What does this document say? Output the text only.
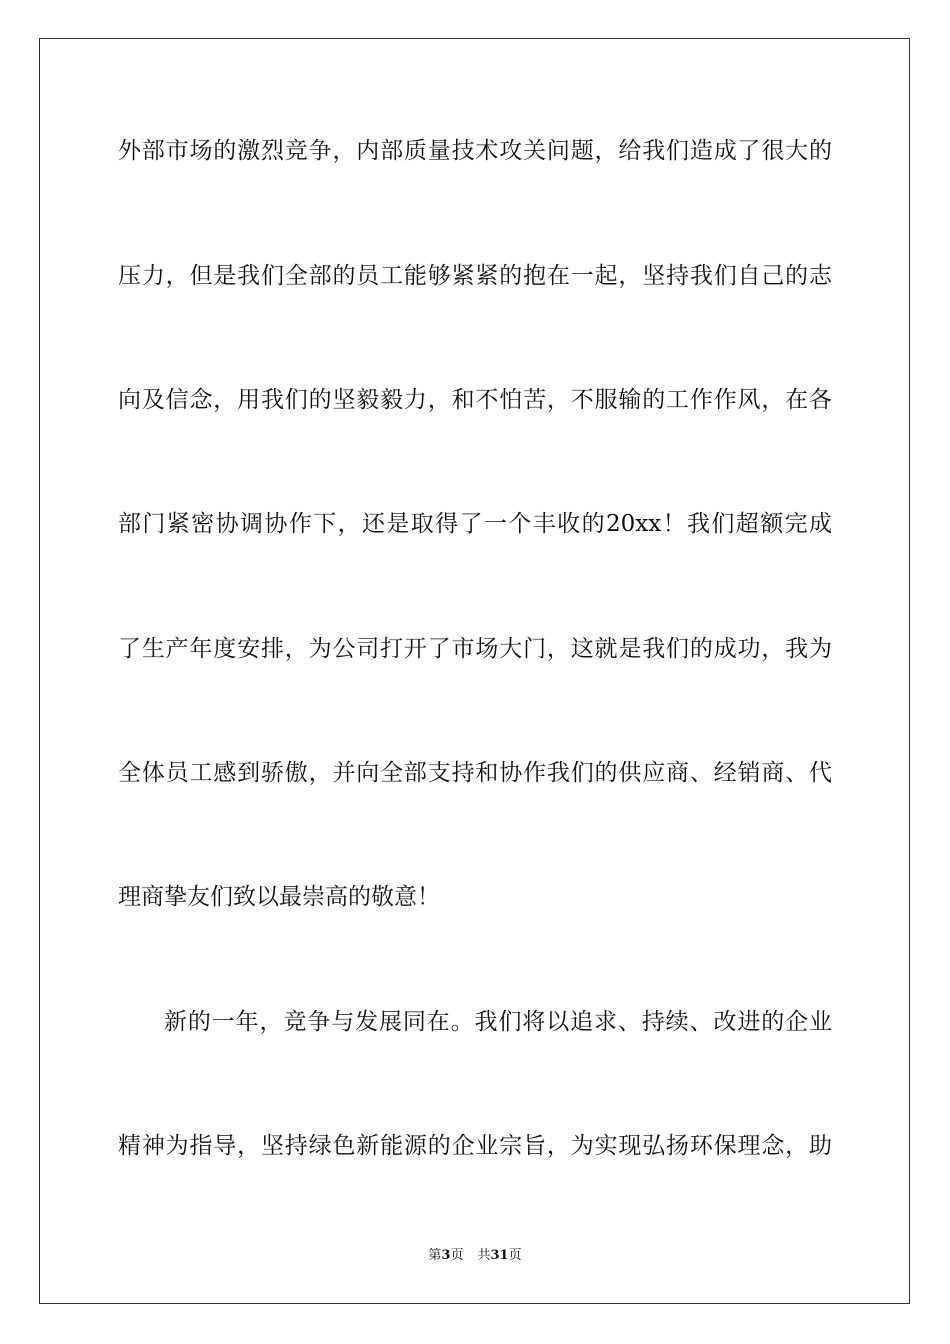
外部市场的激烈竞争，内部质量技术攻关问题，给我们造成了很大的
压力，但是我们全部的员工能够紧紧的抱在一起，坚持我们自己的志
向及信念，用我们的坚毅毅力，和不怕苦，不服输的工作作风，在各
部门紧密协调协作下，还是取得了一个丰收的20xx！我们超额完成
了生产年度安排，为公司打开了市场大门，这就是我们的成功，我为
全体员工感到骄傲，并向全部支持和协作我们的供应商、经销商、代
理商挚友们致以最崇高的敬意！
新的一年，竞争与发展同在。我们将以追求、持续、改进的企业
精神为指导，坚持绿色新能源的企业宗旨，为实现弘扬环保理念，助
第3页 共31页
